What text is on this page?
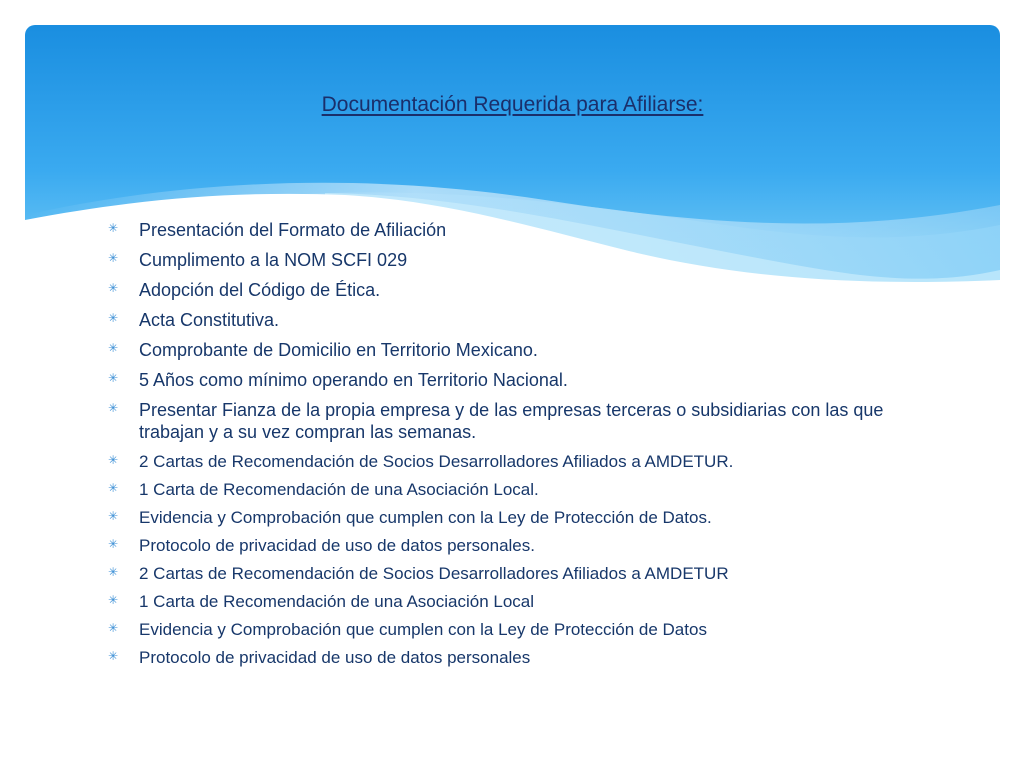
Documentación Requerida para Afiliarse:
✳ Presentación del Formato de Afiliación
✳ Cumplimento a la NOM SCFI 029
✳ Adopción del Código de Ética.
✳ Acta Constitutiva.
✳ Comprobante de Domicilio en Territorio Mexicano.
✳ 5 Años como mínimo operando en Territorio Nacional.
✳ Presentar Fianza de la propia empresa y de las empresas terceras o subsidiarias con las que trabajan y a su vez compran las semanas.
✳ 2 Cartas de Recomendación de Socios Desarrolladores Afiliados a AMDETUR.
✳ 1 Carta de Recomendación de una Asociación Local.
✳ Evidencia y Comprobación que cumplen con la Ley de Protección de Datos.
✳ Protocolo de privacidad de uso de datos personales.
✳ 2 Cartas de Recomendación de Socios Desarrolladores Afiliados a AMDETUR
✳ 1 Carta de Recomendación de una Asociación Local
✳ Evidencia y Comprobación que cumplen con la Ley de Protección de Datos
✳ Protocolo de privacidad de uso de datos personales
